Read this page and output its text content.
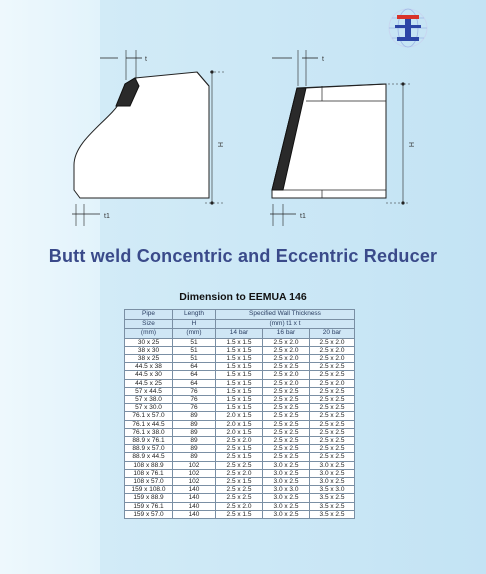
t
t1
H
t
t1
H
Butt weld Concentric and Eccentric Reducer
Dimension to EEMUA 146
Pipe	Length	Specified Wall Thickness		
Size	H	(mm) t1 x t		
(mm)	(mm)	14 bar	16 bar	20 bar
30 x 25	51	1.5 x 1.5	2.5 x 2.0	2.5 x 2.0
38 x 30	51	1.5 x 1.5	2.5 x 2.0	2.5 x 2.0
38 x 25	51	1.5 x 1.5	2.5 x 2.0	2.5 x 2.0
44.5 x 38	64	1.5 x 1.5	2.5 x 2.5	2.5 x 2.5
44.5 x 30	64	1.5 x 1.5	2.5 x 2.0	2.5 x 2.5
44.5 x 25	64	1.5 x 1.5	2.5 x 2.0	2.5 x 2.0
57 x 44.5	76	1.5 x 1.5	2.5 x 2.5	2.5 x 2.5
57 x 38.0	76	1.5 x 1.5	2.5 x 2.5	2.5 x 2.5
57 x 30.0	76	1.5 x 1.5	2.5 x 2.5	2.5 x 2.5
76.1 x 57.0	89	2.0 x 1.5	2.5 x 2.5	2.5 x 2.5
76.1 x 44.5	89	2.0 x 1.5	2.5 x 2.5	2.5 x 2.5
76.1 x 38.0	89	2.0 x 1.5	2.5 x 2.5	2.5 x 2.5
88.9 x 76.1	89	2.5 x 2.0	2.5 x 2.5	2.5 x 2.5
88.9 x 57.0	89	2.5 x 1.5	2.5 x 2.5	2.5 x 2.5
88.9 x 44.5	89	2.5 x 1.5	2.5 x 2.5	2.5 x 2.5
108 x 88.9	102	2.5 x 2.5	3.0 x 2.5	3.0 x 2.5
108 x 76.1	102	2.5 x 2.0	3.0 x 2.5	3.0 x 2.5
108 x 57.0	102	2.5 x 1.5	3.0 x 2.5	3.0 x 2.5
159 x 108.0	140	2.5 x 2.5	3.0 x 3.0	3.5 x 3.0
159 x 88.9	140	2.5 x 2.5	3.0 x 2.5	3.5 x 2.5
159 x 76.1	140	2.5 x 2.0	3.0 x 2.5	3.5 x 2.5
159 x 57.0	140	2.5 x 1.5	3.0 x 2.5	3.5 x 2.5
